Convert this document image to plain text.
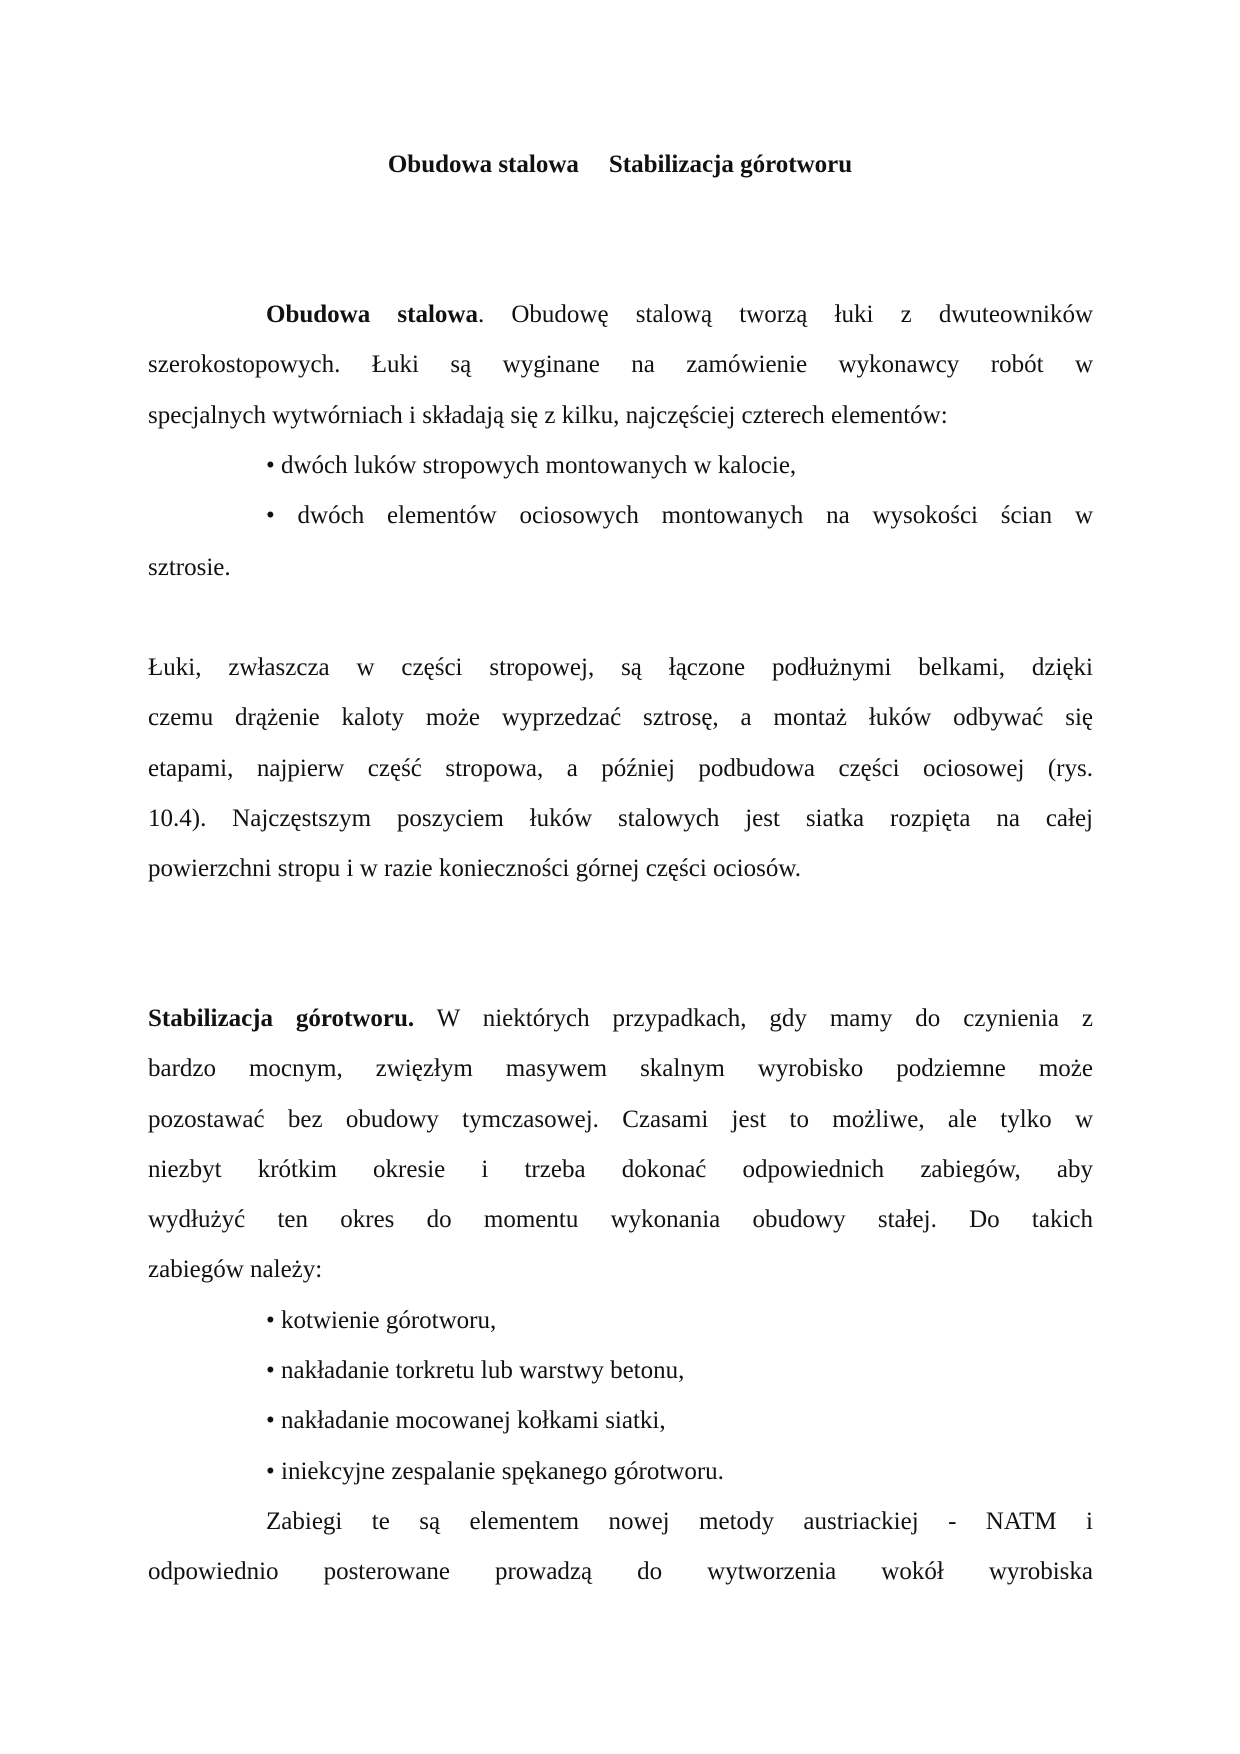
Obudowa stalowa Stabilizacja górotworu
Obudowa stalowa. Obudowę stalową tworzą łuki z dwuteowników
szerokostopowych. Łuki są wyginane na zamówienie wykonawcy robót w
specjalnych wytwórniach i składają się z kilku, najczęściej czterech elementów:
• dwóch luków stropowych montowanych w kalocie,
• dwóch elementów ociosowych montowanych na wysokości ścian w
sztrosie.
Łuki, zwłaszcza w części stropowej, są łączone podłużnymi belkami, dzięki
czemu drążenie kaloty może wyprzedzać sztrosę, a montaż łuków odbywać się
etapami, najpierw część stropowa, a później podbudowa części ociosowej (rys.
10.4). Najczęstszym poszyciem łuków stalowych jest siatka rozpięta na całej
powierzchni stropu i w razie konieczności górnej części ociosów.
Stabilizacja górotworu. W niektórych przypadkach, gdy mamy do czynienia z
bardzo mocnym, zwięzłym masywem skalnym wyrobisko podziemne może
pozostawać bez obudowy tymczasowej. Czasami jest to możliwe, ale tylko w
niezbyt krótkim okresie i trzeba dokonać odpowiednich zabiegów, aby
wydłużyć ten okres do momentu wykonania obudowy stałej. Do takich
zabiegów należy:
• kotwienie górotworu,
• nakładanie torkretu lub warstwy betonu,
• nakładanie mocowanej kołkami siatki,
• iniekcyjne zespalanie spękanego górotworu.
Zabiegi te są elementem nowej metody austriackiej - NATM i
odpowiednio posterowane prowadzą do wytworzenia wokół wyrobiska
